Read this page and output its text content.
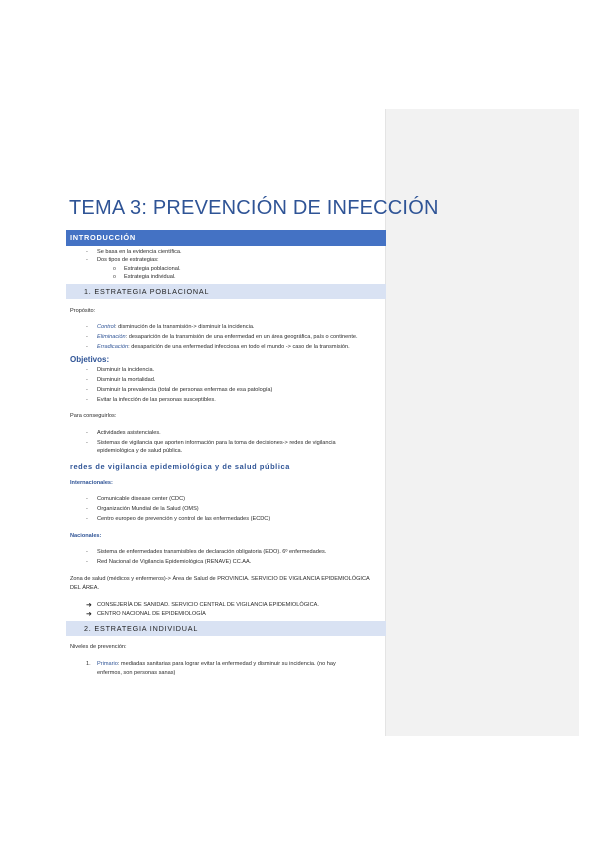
TEMA 3: PREVENCIÓN DE INFECCIÓN
INTRODUCCIÓN
- Se basa en la evidencia científica.
- Dos tipos de estrategias:
o Estrategia poblacional.
o Estrategia individual.
1. ESTRATEGIA POBLACIONAL
Propósito:
- Control: disminución de la transmisión-> disminuir la incidencia.
- Eliminación: desaparición de la transmisión de una enfermedad en un área geográfica, país o continente.
- Erradicación: desaparición de una enfermedad infecciosa en todo el mundo -> caso de la transmisión.
Objetivos:
- Disminuir la incidencia.
- Disminuir la mortalidad.
- Disminuir la prevalencia (total de personas enfermas de esa patología)
- Evitar la infección de las personas susceptibles.
Para conseguirlos:
- Actividades asistenciales.
- Sistemas de vigilancia que aporten información para la toma de decisiones-> redes de vigilancia
epidemiológica y de salud pública.
redes de vigilancia epidemiológica y de salud pública
Internacionales:
- Comunicable disease center (CDC)
- Organización Mundial de la Salud (OMS)
- Centro europeo de prevención y control de las enfermedades (ECDC)
Nacionales:
- Sistema de enfermedades transmisibles de declaración obligatoria (EDO). 6º enfermedades.
- Red Nacional de Vigilancia Epidemiológica (RENAVE) CC.AA.
Zona de salud (médicos y enfermeros)-> Área de Salud de PROVINCIA. SERVICIO DE VIGILANCIA EPIDEMIOLÓGICA
DEL ÁREA.
➜ CONSEJERÍA DE SANIDAD. SERVICIO CENTRAL DE VIGILANCIA EPIDEMIOLÓGICA.
➜ CENTRO NACIONAL DE EPIDEMIOLOGÍA
2. ESTRATEGIA INDIVIDUAL
Niveles de prevención:
1. Primario: mediadas sanitarias para lograr evitar la enfermedad y disminuir su incidencia. (no hay
enfermos, son personas sanas)
